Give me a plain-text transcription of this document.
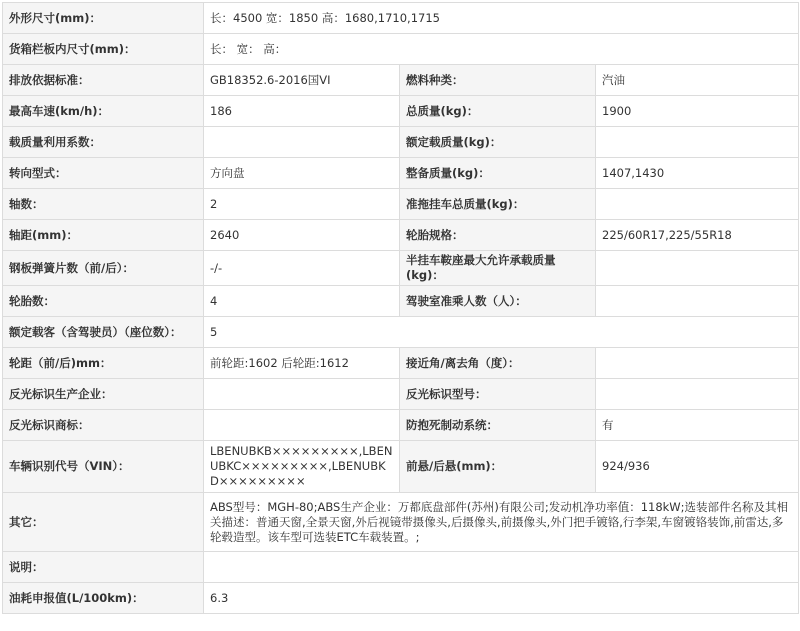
外形尺寸(mm)：	长：4500 宽：1850 高：1680,1710,1715		
货箱栏板内尺寸(mm)：	长： 宽： 高：		
排放依据标准：	GB18352.6-2016国VI	燃料种类：	汽油
最高车速(km/h)：	186	总质量(kg)：	1900
载质量利用系数：		额定载质量(kg)：	
转向型式：	方向盘	整备质量(kg)：	1407,1430
轴数：	2	准拖挂车总质量(kg)：	
轴距(mm)：	2640	轮胎规格：	225/60R17,225/55R18
钢板弹簧片数（前/后）：	-/-	半挂车鞍座最大允许承载质量(kg)：	
轮胎数：	4	驾驶室准乘人数（人）：	
额定载客（含驾驶员）（座位数）：	5		
轮距（前/后)mm：	前轮距:1602 后轮距:1612	接近角/离去角（度）：	
反光标识生产企业：		反光标识型号：	
反光标识商标：		防抱死制动系统：	有
车辆识别代号（VIN）：	LBENUBKB×××××××××,LBENUBKC×××××××××,LBENUBKD×××××××××	前悬/后悬(mm)：	924/936
其它：	ABS型号：MGH-80;ABS生产企业：万都底盘部件(苏州)有限公司;发动机净功率值：118kW;选装部件名称及其相关描述：普通天窗,全景天窗,外后视镜带摄像头,后摄像头,前摄像头,外门把手镀铬,行李架,车窗镀铬装饰,前雷达,多轮毂造型。该车型可选装ETC车载装置。;		
说明：			
油耗申报值(L/100km)：	6.3		
